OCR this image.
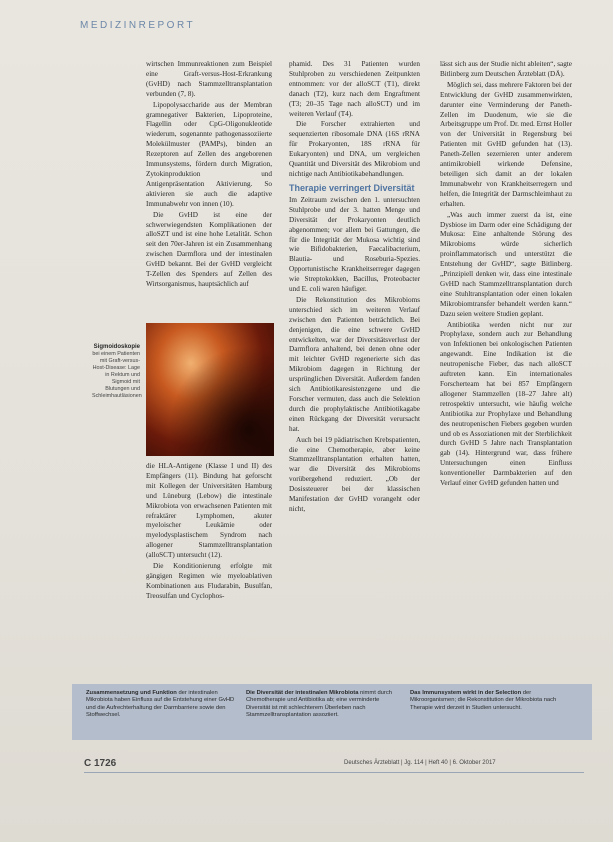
MEDIZINREPORT

wirtschen Immunreaktionen zum Beispiel eine Graft-versus-Host-Erkrankung (GvHD) nach Stammzelltransplantation verbunden (7, 8).

Lipopolysaccharide aus der Membran gramnegativer Bakterien, Lipoproteine, Flagellin oder CpG-Oligonukleotide wiederum, sogenannte pathogenassoziierte Molekülmuster (PAMPs), binden an Rezeptoren auf Zellen des angeborenen Immunsystems, fördern durch Migration, Zytokinproduktion und Antigenpräsentation Aktivierung. So aktivieren sie auch die adaptive Immunabwehr von innen (10).

Die GvHD ist eine der schwerwiegendsten Komplikationen der alloSZT und ist eine hohe Letalität. Schon seit den 70er-Jahren ist ein Zusammenhang zwischen Darmflora und der intestinalen GvHD bekannt. Bei der GvHD vergleicht T-Zellen des Spenders auf Zellen des Wirtsorganismus, hauptsächlich auf

Sigmoidoskopie
bei einem Patienten mit Graft-versus-Host-Disease: Lage in Rektum und Sigmoid mit Blutungen und Schleimhautläsionen

die HLA-Antigene (Klasse I und II) des Empfängers (11). Bindung hat geforscht mit Kollegen der Universitäten Hamburg und Lüneburg (Lebow) die intestinale Mikrobiota von erwachsenen Patienten mit refraktärer Lymphomen, akuter myeloischer Leukämie oder myelodysplastischem Syndrom nach allogener Stammzelltransplantation (alloSCT) untersucht (12).

Die Konditionierung erfolgte mit gängigen Regimen wie myeloablativen Kombinationen aus Fludarabin, Busulfan, Treosulfan und Cyclophos-

phamid. Des 31 Patienten wurden Stuhlproben zu verschiedenen Zeitpunkten entnommen: vor der alloSCT (T1), direkt danach (T2), kurz nach dem Engraftment (T3; 20–35 Tage nach alloSCT) und im weiteren Verlauf (T4).

Die Forscher extrahierten und sequenzierten ribosomale DNA (16S rRNA für Prokaryonten, 18S rRNA für Eukaryonten) und DNA, um vergleichen Quantität und Diversität des Mikrobiom und nichtige nach Antibiotikabehandlungen.

Therapie verringert Diversität

Im Zeitraum zwischen den 1. untersuchten Stuhlprobe und der 3. hatten Menge und Diversität der Prokaryonten deutlich abgenommen; vor allem bei Gattungen, die für die Integrität der Mukosa wichtig sind wie Bifidobakterien, Faecalibacterium, Blautia- und Roseburia-Spezies. Opportunistische Krankheitserreger dagegen wie Streptokokken, Bacillus, Proteobacter und E. coli waren häufiger.

Die Rekonstitution des Mikrobioms unterschied sich im weiteren Verlauf zwischen den Patienten beträchtlich. Bei denjenigen, die eine schwere GvHD entwickelten, war der Diversitätsverlust der Darmflora anhaltend, bei denen ohne oder mit leichter GvHD regenerierte sich das Mikrobiom dagegen in Richtung der ursprünglichen Diversität. Außerdem fanden sich Antibiotikaresistenzgene und die Forscher vermuten, dass auch die Selektion durch die prophylaktische Antibiotikagabe einen Rückgang der Diversität verursacht hat.

Auch bei 19 pädiatrischen Krebspatienten, die eine Chemotherapie, aber keine Stammzelltransplantation erhalten hatten, war die Diversität des Mikrobioms vorübergehend reduziert. „Ob der Dosissteuerer bei der klassischen Manifestation der GvHD vorangeht oder nicht,

lässt sich aus der Studie nicht ableiten“, sagte Bitlinberg zum Deutschen Ärzteblatt (DÄ).

Möglich sei, dass mehrere Faktoren bei der Entwicklung der GvHD zusammenwirkten, darunter eine Verminderung der Paneth-Zellen im Duodenum, wie sie die Arbeitsgruppe um Prof. Dr. med. Ernst Holler von der Universität in Regensburg bei Patienten mit GvHD gefunden hat (13). Paneth-Zellen sezernieren unter anderem antimikrobiell wirkende Defensine, beteiligen sich damit an der lokalen Immunabwehr von Krankheitserregern und helfen, die Integrität der Darmschleimhaut zu erhalten.

„Was auch immer zuerst da ist, eine Dysbiose im Darm oder eine Schädigung der Mukosa: Eine anhaltende Störung des Mikrobioms würde sicherlich proinflammatorisch und unterstützt die Entstehung der GvHD“, sagte Bitlinberg. „Prinzipiell denken wir, dass eine intestinale GvHD nach Stammzelltransplantation durch eine Stuhltransplantation oder einen lokalen Mikrobiomtransfer behandelt werden kann.“ Dazu seien weitere Studien geplant.

Antibiotika werden nicht nur zur Prophylaxe, sondern auch zur Behandlung von Infektionen bei onkologischen Patienten angewandt. Eine Indikation ist die neutropenische Fieber, das nach alloSCT auftreten kann. Ein internationales Forscherteam hat bei 857 Empfängern allogener Stammzellen (18–27 Jahre alt) retrospektiv untersucht, wie häufig welche Antibiotika zur Prophylaxe und Behandlung des neutropenischen Fiebers gegeben wurden und ob es Assoziationen mit der Sterblichkeit durch GvHD 5 Jahre nach Transplantation gab (14). Hintergrund war, dass frühere Untersuchungen einen Einfluss konventioneller Darmbakterien auf den Verlauf einer GvHD gefunden hatten und

Zusammensetzung und Funktion der intestinalen Mikrobiota haben Einfluss auf die Entstehung einer GvHD und die Aufrechterhaltung der Darmbarriere sowie den Stoffwechsel.
Die Diversität der intestinalen Mikrobiota nimmt durch Chemotherapie und Antibiotika ab; eine verminderte Diversität ist mit schlechterem Überleben nach Stammzelltransplantation assoziiert.
Das Immunsystem wirkt in der Selection der Mikroorganismen; die Rekonstitution der Mikrobiota nach Therapie wird derzeit in Studien untersucht.
C 1726	Deutsches Ärzteblatt | Jg. 114 | Heft 40 | 6. Oktober 2017
